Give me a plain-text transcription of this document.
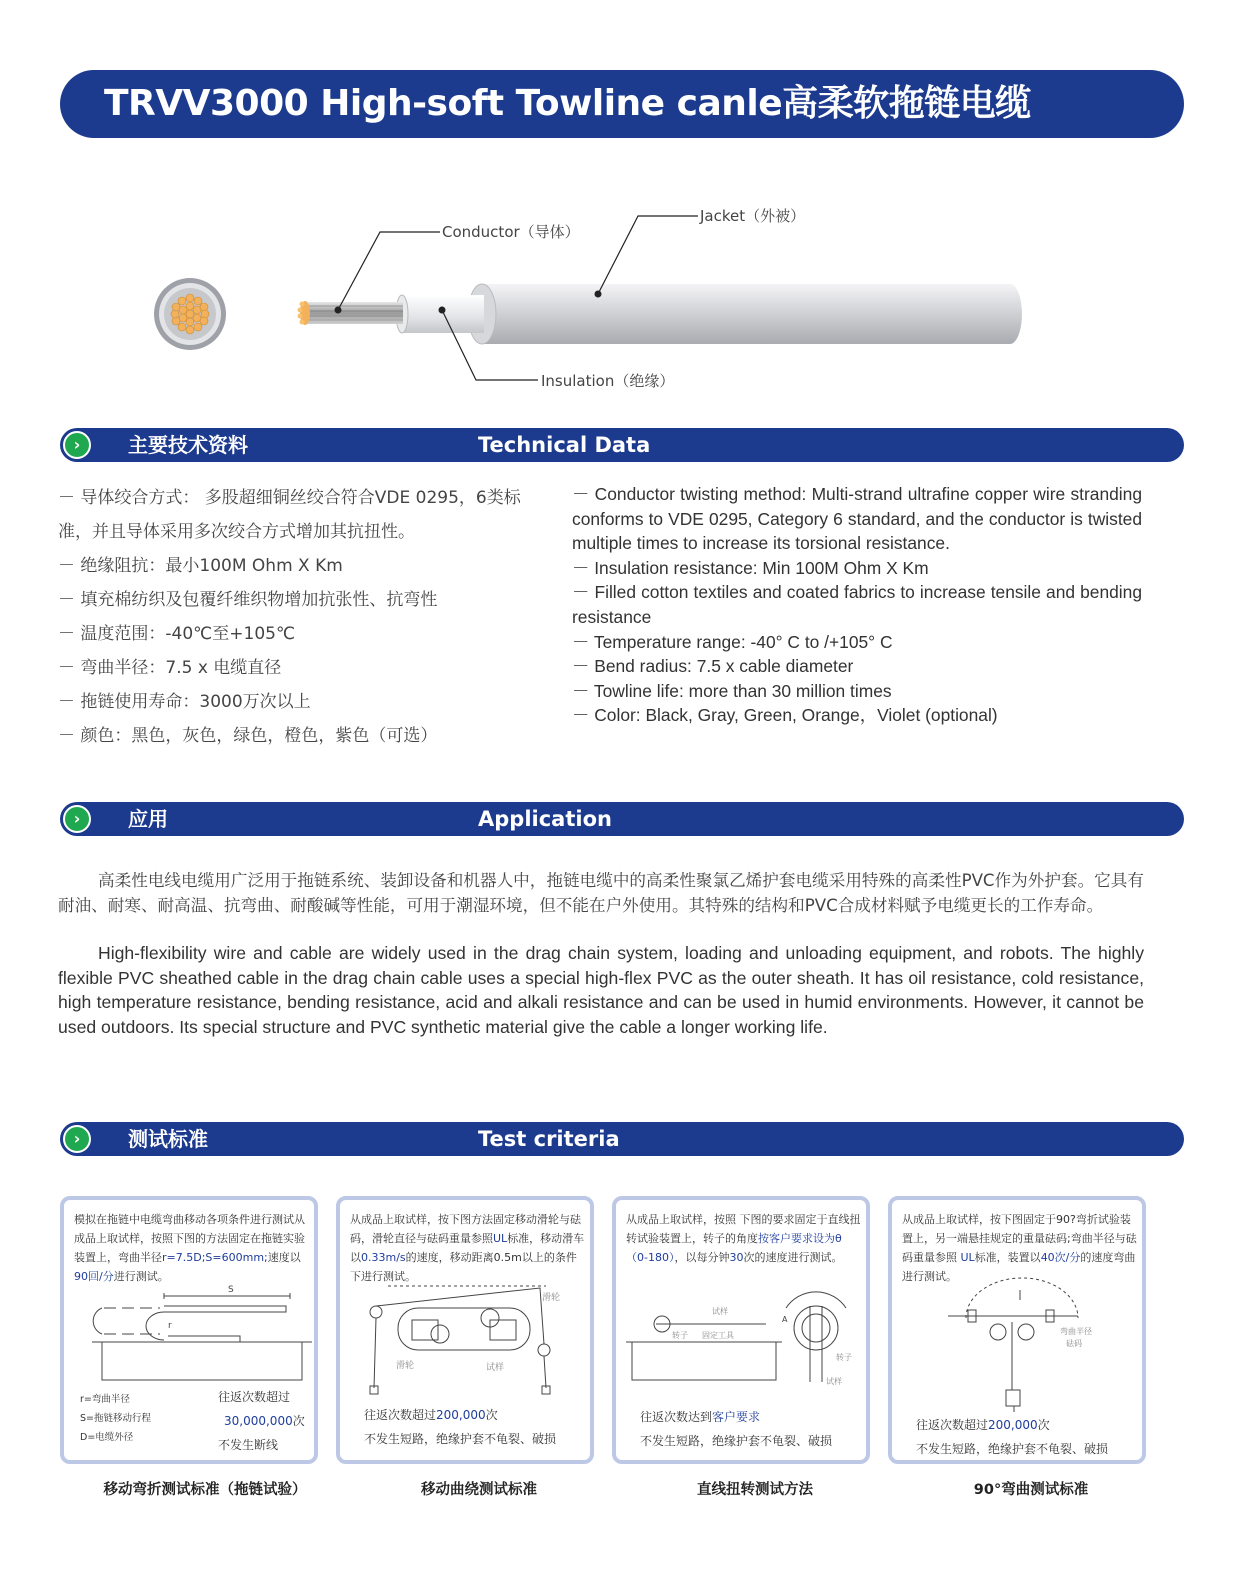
TRVV3000 High-soft Towline canle高柔软拖链电缆
Conductor（导体）
Jacket（外被）
Insulation（绝缘）
›	主要技术资料	Technical Data

－ 导体绞合方式： 多股超细铜丝绞合符合VDE 0295，6类标准，并且导体采用多次绞合方式增加其抗扭性。

－ 绝缘阻抗：最小100M Ohm X Km

－ 填充棉纺织及包覆纤维织物增加抗张性、抗弯性

－ 温度范围：-40℃至+105℃

－ 弯曲半径：7.5 x 电缆直径

－ 拖链使用寿命：3000万次以上

－ 颜色：黑色，灰色，绿色，橙色，紫色（可选）

－ Conductor twisting method: Multi-strand ultrafine copper wire stranding conforms to VDE 0295, Category 6 standard, and the conductor is twisted multiple times to increase its torsional resistance.

－ Insulation resistance: Min 100M Ohm X Km

－ Filled cotton textiles and coated fabrics to increase tensile and bending resistance

－ Temperature range: -40° C to /+105° C

－ Bend radius: 7.5 x cable diameter

－ Towline life: more than 30 million times

－ Color: Black, Gray, Green, Orange，Violet (optional)

›	应用	Application

高柔性电线电缆用广泛用于拖链系统、装卸设备和机器人中，拖链电缆中的高柔性聚氯乙烯护套电缆采用特殊的高柔性PVC作为外护套。它具有耐油、耐寒、耐高温、抗弯曲、耐酸碱等性能，可用于潮湿环境，但不能在户外使用。其特殊的结构和PVC合成材料赋予电缆更长的工作寿命。

High-flexibility wire and cable are widely used in the drag chain system, loading and unloading equipment, and robots. The highly flexible PVC sheathed cable in the drag chain cable uses a special high-flex PVC as the outer sheath. It has oil resistance, cold resistance, high temperature resistance, bending resistance, acid and alkali resistance and can be used in humid environments. However, it cannot be used outdoors. Its special structure and PVC synthetic material give the cable a longer working life.

›	测试标准	Test criteria
模拟在拖链中电缆弯曲移动各项条件进行测试从成品上取试样，按照下图的方法固定在拖链实验装置上，弯曲半径r=7.5D;S=600mm;速度以90回/分进行测试。
S
r
r=弯曲半径
S=拖链移动行程
D=电缆外径
往返次数超过
30,000,000次
不发生断线
从成品上取试样，按下图方法固定移动滑轮与砝码，滑轮直径与砝码重量参照UL标准，移动滑车以0.33m/s的速度，移动距离0.5m以上的条件下进行测试。
滑轮
滑轮	试样
往返次数超过200,000次
不发生短路，绝缘护套不龟裂、破损
从成品上取试样，按照 下图的要求固定于直线扭转试验装置上，转子的角度按客户要求设为θ（0-180），以每分钟30次的速度进行测试。
试样
转子 固定工具
转子
试样
A
往返次数达到客户要求
不发生短路，绝缘护套不龟裂、破损
从成品上取试样，按下图固定于90?弯折试验装置上，另一端悬挂规定的重量砝码;弯曲半径与砝码重量参照 UL标准，装置以40次/分的速度弯曲进行测试。
弯曲半径
砝码
往返次数超过200,000次
不发生短路，绝缘护套不龟裂、破损
移动弯折测试标准（拖链试验）	移动曲绕测试标准	直线扭转测试方法	90°弯曲测试标准
